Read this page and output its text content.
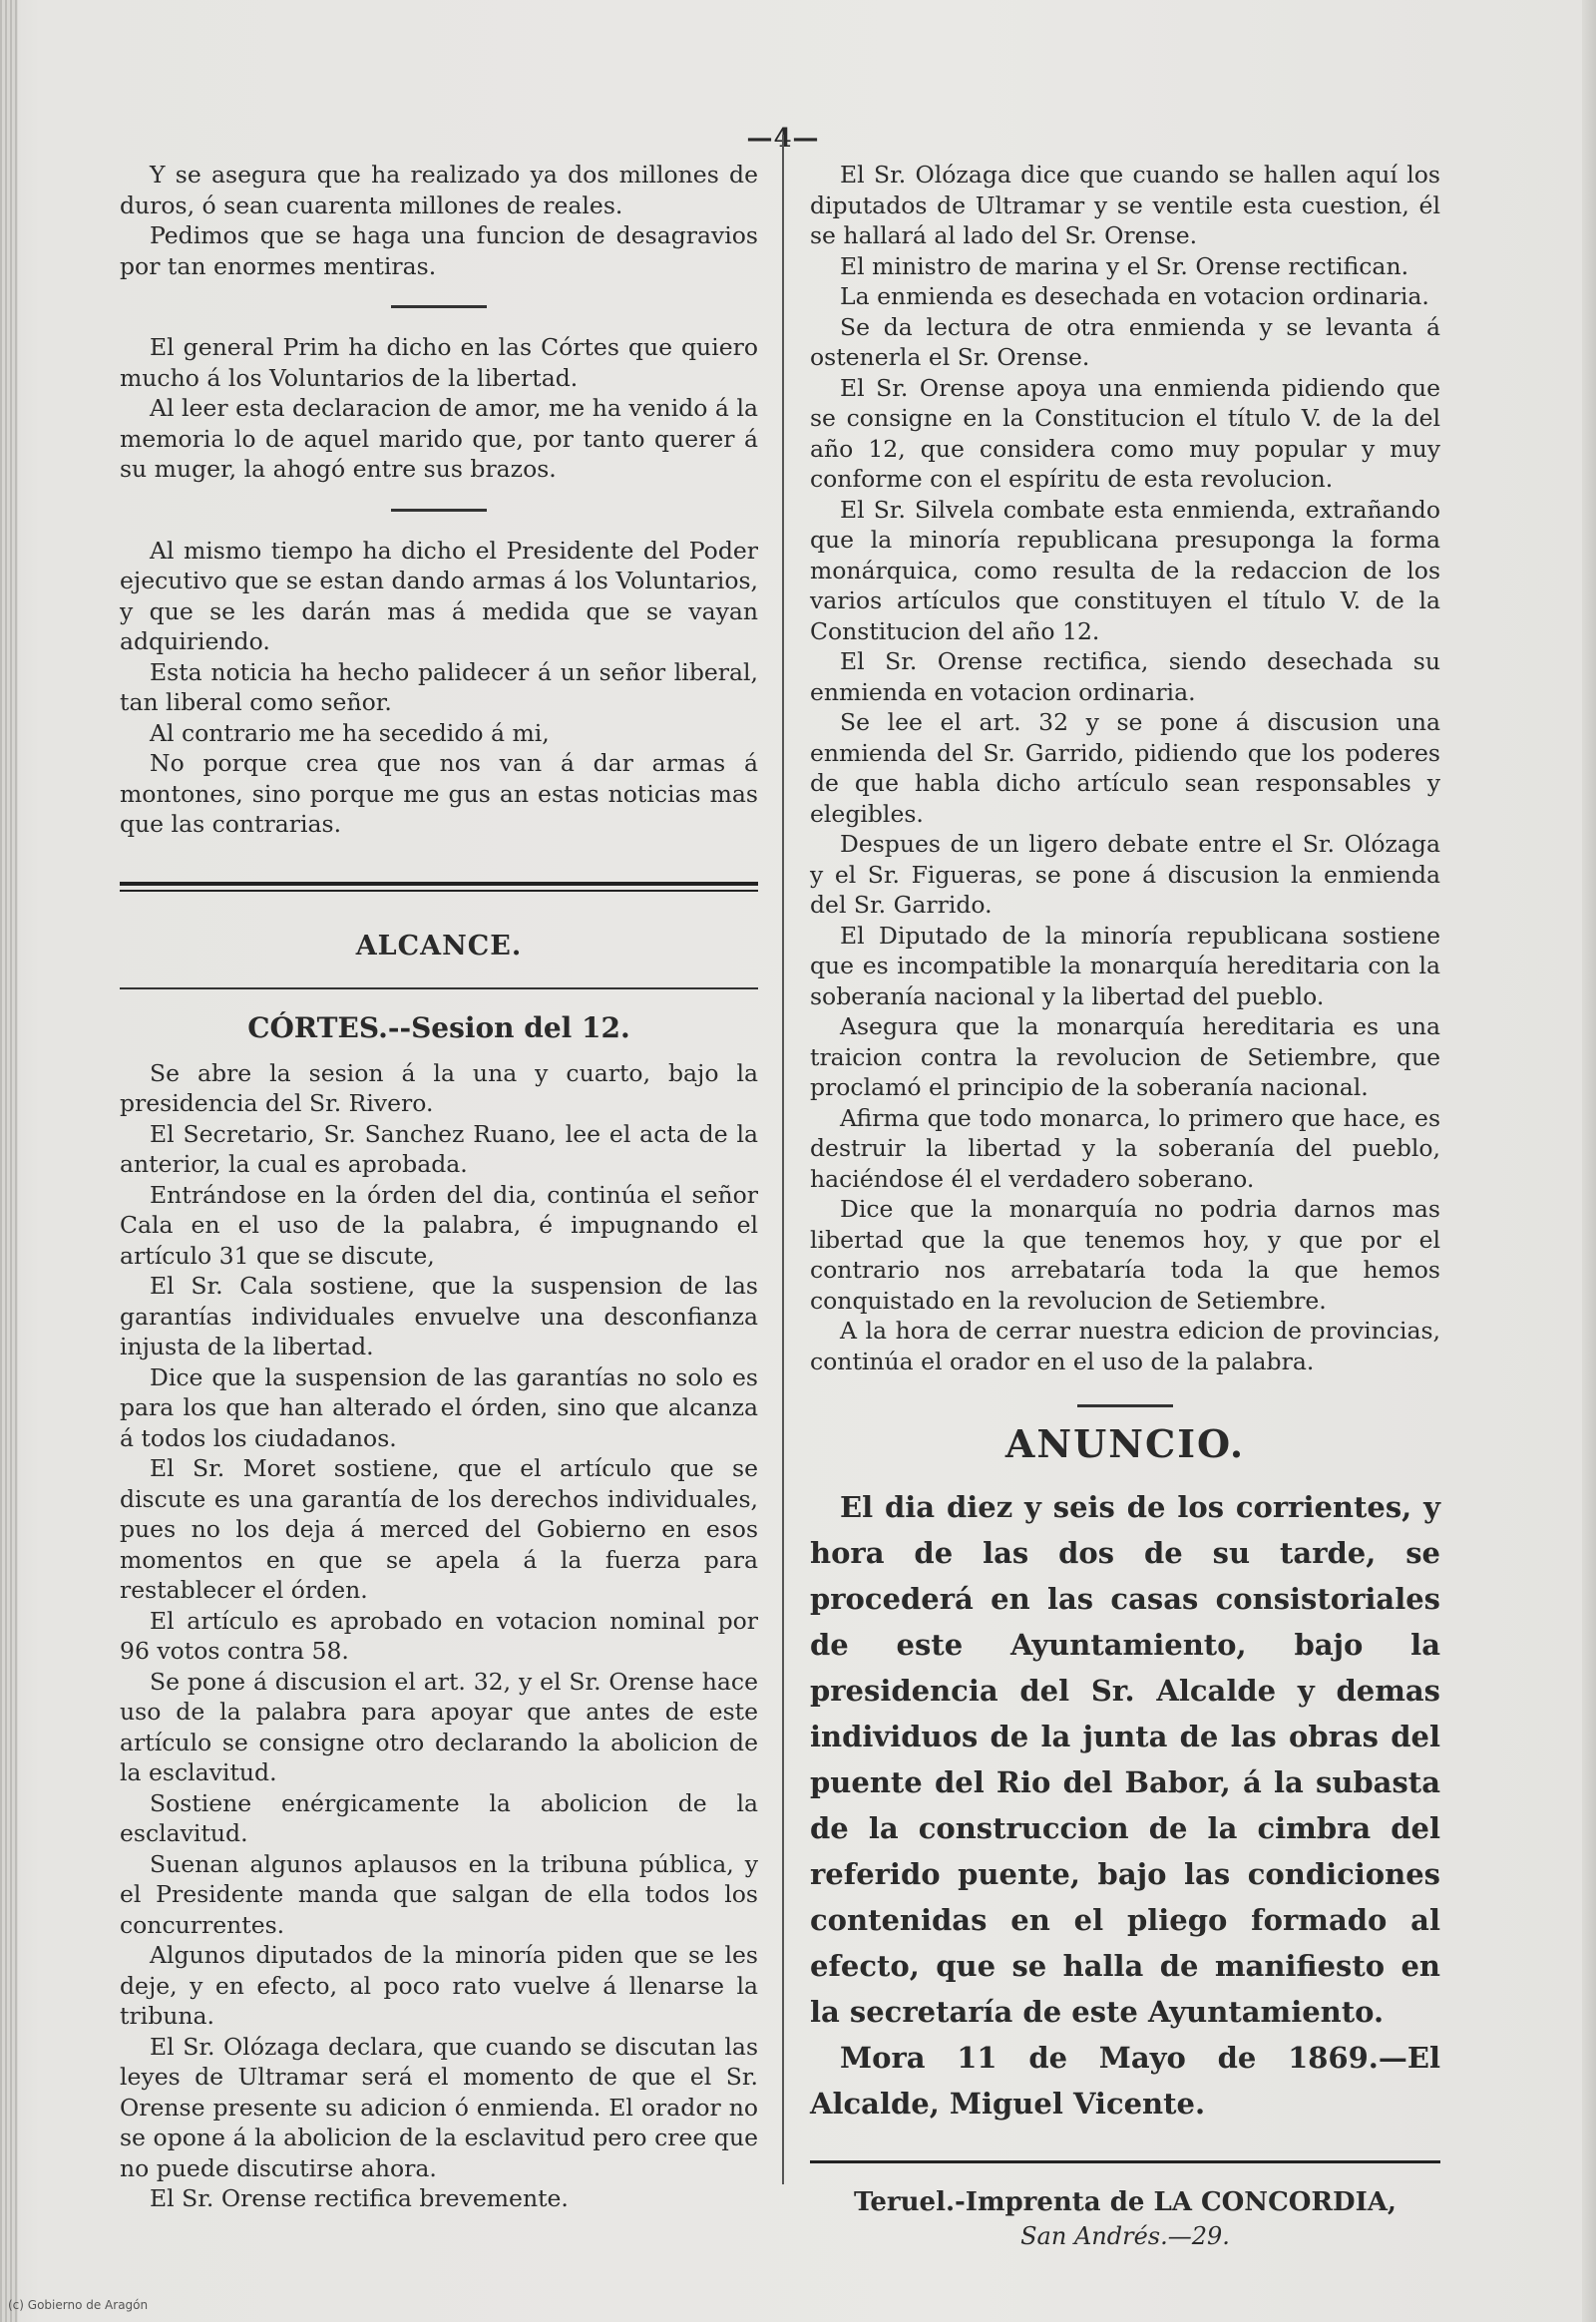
—4—

Y se asegura que ha realizado ya dos millones de duros, ó sean cuarenta millones de reales.

Pedimos que se haga una funcion de desagravios por tan enormes mentiras.

El general Prim ha dicho en las Córtes que quiero mucho á los Voluntarios de la libertad.

Al leer esta declaracion de amor, me ha venido á la memoria lo de aquel marido que, por tanto querer á su muger, la ahogó entre sus brazos.

Al mismo tiempo ha dicho el Presidente del Poder ejecutivo que se estan dando armas á los Voluntarios, y que se les darán mas á medida que se vayan adquiriendo.

Esta noticia ha hecho palidecer á un señor liberal, tan liberal como señor.

Al contrario me ha secedido á mi,

No porque crea que nos van á dar armas á montones, sino porque me gus an estas noticias mas que las contrarias.

ALCANCE.
CÓRTES.--Sesion del 12.

Se abre la sesion á la una y cuarto, bajo la presidencia del Sr. Rivero.

El Secretario, Sr. Sanchez Ruano, lee el acta de la anterior, la cual es aprobada.

Entrándose en la órden del dia, continúa el señor Cala en el uso de la palabra, é impugnando el artículo 31 que se discute,

El Sr. Cala sostiene, que la suspension de las garantías individuales envuelve una desconfianza injusta de la libertad.

Dice que la suspension de las garantías no solo es para los que han alterado el órden, sino que alcanza á todos los ciudadanos.

El Sr. Moret sostiene, que el artículo que se discute es una garantía de los derechos individuales, pues no los deja á merced del Gobierno en esos momentos en que se apela á la fuerza para restablecer el órden.

El artículo es aprobado en votacion nominal por 96 votos contra 58.

Se pone á discusion el art. 32, y el Sr. Orense hace uso de la palabra para apoyar que antes de este artículo se consigne otro declarando la abolicion de la esclavitud.

Sostiene enérgicamente la abolicion de la esclavitud.

Suenan algunos aplausos en la tribuna pública, y el Presidente manda que salgan de ella todos los concurrentes.

Algunos diputados de la minoría piden que se les deje, y en efecto, al poco rato vuelve á llenarse la tribuna.

El Sr. Olózaga declara, que cuando se discutan las leyes de Ultramar será el momento de que el Sr. Orense presente su adicion ó enmienda. El orador no se opone á la abolicion de la esclavitud pero cree que no puede discutirse ahora.

El Sr. Orense rectifica brevemente.

El Sr. Olózaga dice que cuando se hallen aquí los diputados de Ultramar y se ventile esta cuestion, él se hallará al lado del Sr. Orense.

El ministro de marina y el Sr. Orense rectifican.

La enmienda es desechada en votacion ordinaria.

Se da lectura de otra enmienda y se levanta á ostenerla el Sr. Orense.

El Sr. Orense apoya una enmienda pidiendo que se consigne en la Constitucion el título V. de la del año 12, que considera como muy popular y muy conforme con el espíritu de esta revolucion.

El Sr. Silvela combate esta enmienda, extrañando que la minoría republicana presuponga la forma monárquica, como resulta de la redaccion de los varios artículos que constituyen el título V. de la Constitucion del año 12.

El Sr. Orense rectifica, siendo desechada su enmienda en votacion ordinaria.

Se lee el art. 32 y se pone á discusion una enmienda del Sr. Garrido, pidiendo que los poderes de que habla dicho artículo sean responsables y elegibles.

Despues de un ligero debate entre el Sr. Olózaga y el Sr. Figueras, se pone á discusion la enmienda del Sr. Garrido.

El Diputado de la minoría republicana sostiene que es incompatible la monarquía hereditaria con la soberanía nacional y la libertad del pueblo.

Asegura que la monarquía hereditaria es una traicion contra la revolucion de Setiembre, que proclamó el principio de la soberanía nacional.

Afirma que todo monarca, lo primero que hace, es destruir la libertad y la soberanía del pueblo, haciéndose él el verdadero soberano.

Dice que la monarquía no podria darnos mas libertad que la que tenemos hoy, y que por el contrario nos arrebataría toda la que hemos conquistado en la revolucion de Setiembre.

A la hora de cerrar nuestra edicion de provincias, continúa el orador en el uso de la palabra.

ANUNCIO.

El dia diez y seis de los corrientes, y hora de las dos de su tarde, se procederá en las casas consistoriales de este Ayuntamiento, bajo la presidencia del Sr. Alcalde y demas individuos de la junta de las obras del puente del Rio del Babor, á la subasta de la construccion de la cimbra del referido puente, bajo las condiciones contenidas en el pliego formado al efecto, que se halla de manifiesto en la secretaría de este Ayuntamiento.

Mora 11 de Mayo de 1869.—El Alcalde, Miguel Vicente.

Teruel.-Imprenta de LA CONCORDIA,
San Andrés.—29.
(c) Gobierno de Aragón
